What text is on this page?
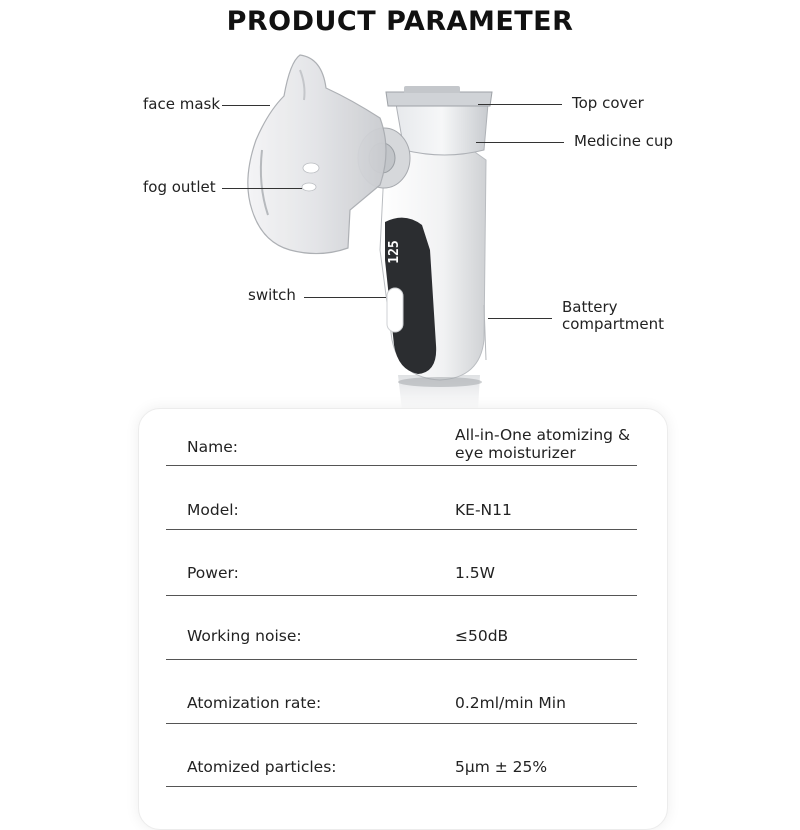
PRODUCT PARAMETER
125
face mask
fog outlet
switch
Top cover
Medicine cup
Battery compartment
Name:
All-in-One atomizing & eye moisturizer
Model:	KE-N11
Power:	1.5W
Working noise:	≤50dB
Atomization rate:	0.2ml/min Min
Atomized particles:	5μm ± 25%
